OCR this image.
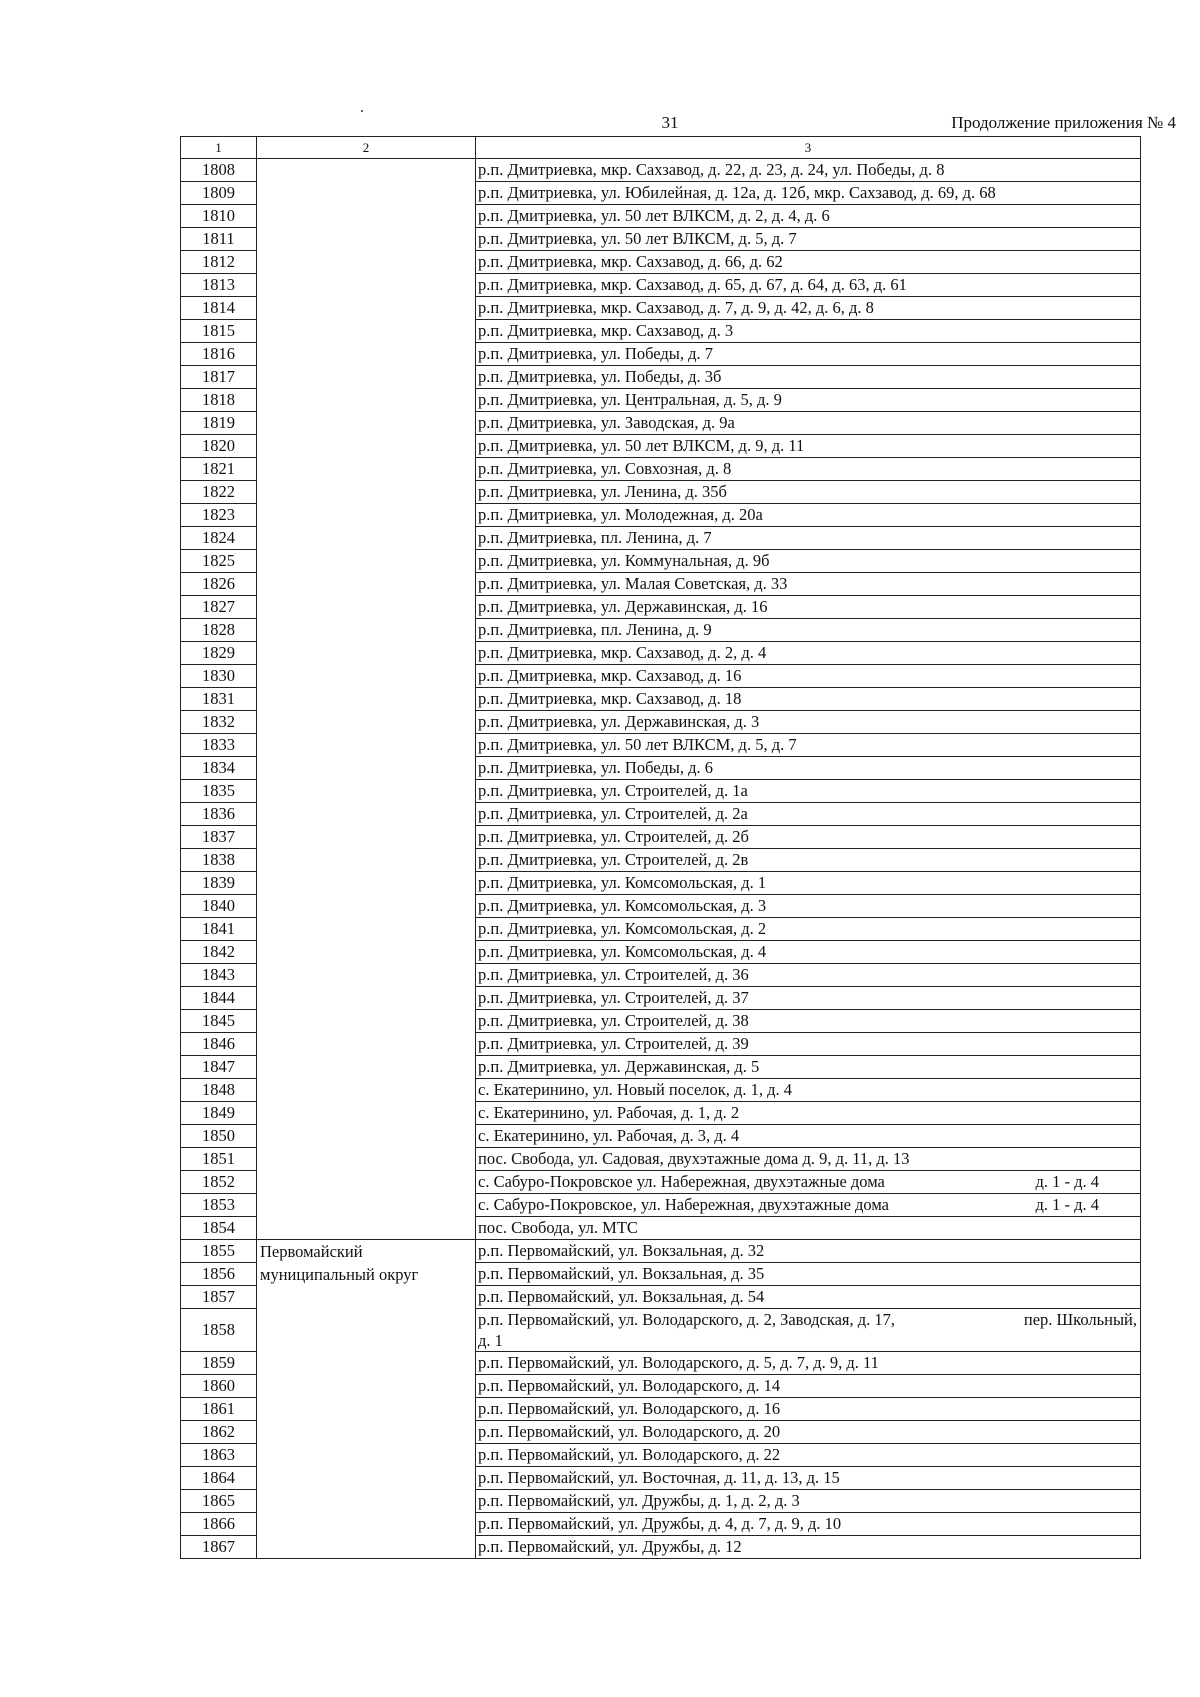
31	Продолжение приложения № 4
1	2	3
1808		р.п. Дмитриевка, мкр. Сахзавод, д. 22, д. 23, д. 24, ул. Победы, д. 8
1809		р.п. Дмитриевка, ул. Юбилейная, д. 12а, д. 12б, мкр. Сахзавод, д. 69, д. 68
1810		р.п. Дмитриевка, ул. 50 лет ВЛКСМ, д. 2, д. 4, д. 6
1811		р.п. Дмитриевка, ул. 50 лет ВЛКСМ, д. 5, д. 7
1812		р.п. Дмитриевка, мкр. Сахзавод, д. 66, д. 62
1813		р.п. Дмитриевка, мкр. Сахзавод, д. 65, д. 67, д. 64, д. 63, д. 61
1814		р.п. Дмитриевка, мкр. Сахзавод, д. 7, д. 9, д. 42, д. 6, д. 8
1815		р.п. Дмитриевка, мкр. Сахзавод, д. 3
1816		р.п. Дмитриевка, ул. Победы, д. 7
1817		р.п. Дмитриевка, ул. Победы, д. 3б
1818		р.п. Дмитриевка, ул. Центральная, д. 5, д. 9
1819		р.п. Дмитриевка, ул. Заводская, д. 9а
1820		р.п. Дмитриевка, ул. 50 лет ВЛКСМ, д. 9, д. 11
1821		р.п. Дмитриевка, ул. Совхозная, д. 8
1822		р.п. Дмитриевка, ул. Ленина, д. 35б
1823		р.п. Дмитриевка, ул. Молодежная, д. 20а
1824		р.п. Дмитриевка, пл. Ленина, д. 7
1825		р.п. Дмитриевка, ул. Коммунальная, д. 9б
1826		р.п. Дмитриевка, ул. Малая Советская, д. 33
1827		р.п. Дмитриевка, ул. Державинская, д. 16
1828		р.п. Дмитриевка, пл. Ленина, д. 9
1829		р.п. Дмитриевка, мкр. Сахзавод, д. 2, д. 4
1830		р.п. Дмитриевка, мкр. Сахзавод, д. 16
1831		р.п. Дмитриевка, мкр. Сахзавод, д. 18
1832		р.п. Дмитриевка, ул. Державинская, д. 3
1833		р.п. Дмитриевка, ул. 50 лет ВЛКСМ, д. 5, д. 7
1834		р.п. Дмитриевка, ул. Победы, д. 6
1835		р.п. Дмитриевка, ул. Строителей, д. 1а
1836		р.п. Дмитриевка, ул. Строителей, д. 2а
1837		р.п. Дмитриевка, ул. Строителей, д. 2б
1838		р.п. Дмитриевка, ул. Строителей, д. 2в
1839		р.п. Дмитриевка, ул. Комсомольская, д. 1
1840		р.п. Дмитриевка, ул. Комсомольская, д. 3
1841		р.п. Дмитриевка, ул. Комсомольская, д. 2
1842		р.п. Дмитриевка, ул. Комсомольская, д. 4
1843		р.п. Дмитриевка, ул. Строителей, д. 36
1844		р.п. Дмитриевка, ул. Строителей, д. 37
1845		р.п. Дмитриевка, ул. Строителей, д. 38
1846		р.п. Дмитриевка, ул. Строителей, д. 39
1847		р.п. Дмитриевка, ул. Державинская, д. 5
1848		с. Екатеринино, ул. Новый поселок, д. 1, д. 4
1849		с. Екатеринино, ул. Рабочая, д. 1, д. 2
1850		с. Екатеринино, ул. Рабочая, д. 3, д. 4
1851		пос. Свобода, ул. Садовая, двухэтажные дома д. 9, д. 11, д. 13
1852		с. Сабуро-Покровское ул. Набережная, двухэтажные дома д. 1 - д. 4

1853		с. Сабуро-Покровское, ул. Набережная, двухэтажные дома д. 1 - д. 4

1854		пос. Свобода, ул. МТС
1855	Первомайский муниципальный округ	р.п. Первомайский, ул. Вокзальная, д. 32
1856		р.п. Первомайский, ул. Вокзальная, д. 35
1857		р.п. Первомайский, ул. Вокзальная, д. 54
1858		р.п. Первомайский, ул. Володарского, д. 2, Заводская, д. 17, пер. Школьный,
д. 1

1859		р.п. Первомайский, ул. Володарского, д. 5, д. 7, д. 9, д. 11
1860		р.п. Первомайский, ул. Володарского, д. 14
1861		р.п. Первомайский, ул. Володарского, д. 16
1862		р.п. Первомайский, ул. Володарского, д. 20
1863		р.п. Первомайский, ул. Володарского, д. 22
1864		р.п. Первомайский, ул. Восточная, д. 11, д. 13, д. 15
1865		р.п. Первомайский, ул. Дружбы, д. 1, д. 2, д. 3
1866		р.п. Первомайский, ул. Дружбы, д. 4, д. 7, д. 9, д. 10
1867		р.п. Первомайский, ул. Дружбы, д. 12
